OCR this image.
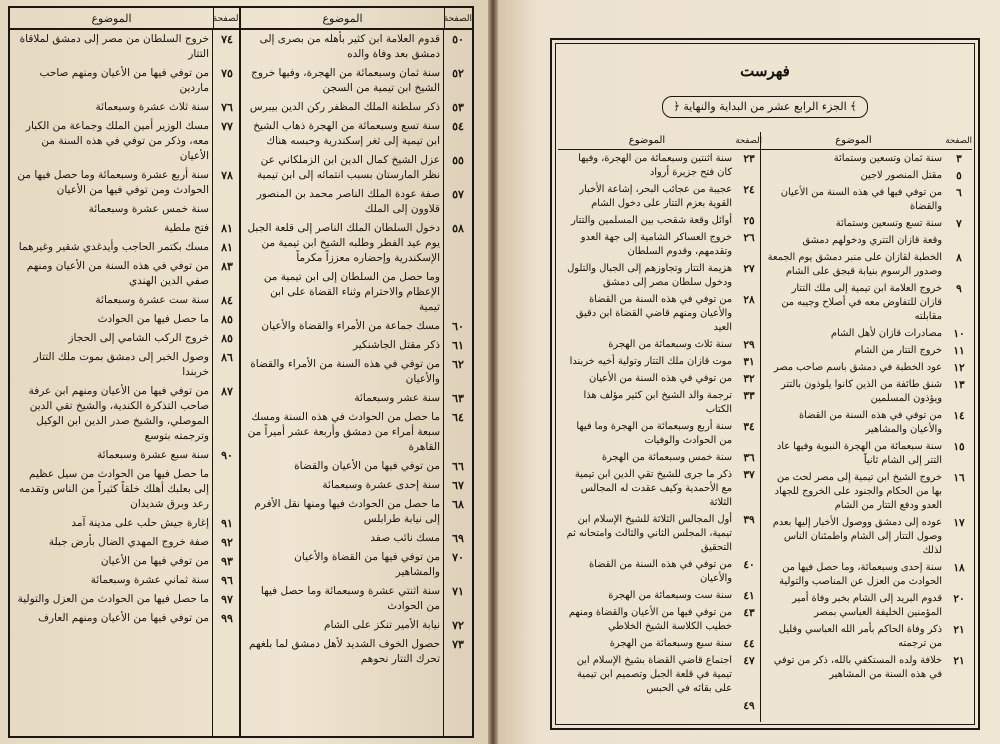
الصفحة
الموضوع
٥٠
قدوم العلامة ابن كثير بأهله من بصرى إلى دمشق بعد وفاة والده
٥٢
سنة ثمان وسبعمائة من الهجرة، وفيها خروج الشيخ ابن تيمية من السجن
٥٣
ذكر سلطنة الملك المظفر ركن الدين بيبرس
٥٤
سنة تسع وسبعمائة من الهجرة ذهاب الشيخ ابن تيمية إلى ثغر إسكندرية وحبسه هناك
٥٥
عزل الشيخ كمال الدين ابن الزملكاني عن نظر المارستان بسبب انتمائه إلى ابن تيمية
٥٧
صفة عودة الملك الناصر محمد بن المنصور قلاوون إلى الملك
٥٨
دخول السلطان الملك الناصر إلى قلعة الجبل يوم عيد الفطر وطلبه الشيخ ابن تيمية من الإسكندرية وإحضاره معززاً مكرماً
وما حصل من السلطان إلى ابن تيمية من الإعظام والاحترام وثناء القضاة على ابن تيمية
٦٠
مسك جماعة من الأمراء والقضاة والأعيان
٦١
ذكر مقتل الجاشنكير
٦٢
من توفي في هذه السنة من الأمراء والقضاة والأعيان
٦٣
سنة عشر وسبعمائة
٦٤
ما حصل من الحوادث في هذه السنة ومسك سبعة أمراء من دمشق وأربعة عشر أميراً من القاهرة
٦٦
من توفي فيها من الأعيان والقضاة
٦٧
سنة إحدى عشرة وسبعمائة
٦٨
ما حصل من الحوادث فيها ومنها نقل الأفرم إلى نيابة طرابلس
٦٩
مسك نائب صفد
٧٠
من توفي فيها من القضاة والأعيان والمشاهير
٧١
سنة اثنتي عشرة وسبعمائة وما حصل فيها من الحوادث
٧٢
نيابة الأمير تنكز على الشام
٧٣
حصول الخوف الشديد لأهل دمشق لما بلغهم تحرك التتار نحوهم
الصفحة
الموضوع
٧٤
خروج السلطان من مصر إلى دمشق لملاقاة التتار
٧٥
من توفي فيها من الأعيان ومنهم صاحب ماردين
٧٦
سنة ثلاث عشرة وسبعمائة
٧٧
مسك الوزير أمين الملك وجماعة من الكبار معه، وذكر من توفي في هذه السنة من الأعيان
٧٨
سنة أربع عشرة وسبعمائة وما حصل فيها من الحوادث ومن توفي فيها من الأعيان
سنة خمس عشرة وسبعمائة
٨١
فتح ملطية
٨١
مسك بكتمر الحاجب وأيدغدي شقير وغيرهما
٨٣
من توفي في هذه السنة من الأعيان ومنهم صفي الدين الهندي
٨٤
سنة ست عشرة وسبعمائة
٨٥
ما حصل فيها من الحوادث
٨٥
خروج الركب الشامي إلى الحجاز
٨٦
وصول الخبر إلى دمشق بموت ملك التتار خربندا
٨٧
من توفي فيها من الأعيان ومنهم ابن عرفة صاحب التذكرة الكندية، والشيخ تقي الدين الموصلي، والشيخ صدر الدين ابن الوكيل وترجمته بتوسع
٩٠
سنة سبع عشرة وسبعمائة
ما حصل فيها من الحوادث من سيل عظيم إلى بعلبك أهلك خلقاً كثيراً من الناس وتقدمه رعد وبرق شديدان
٩١
إغارة جيش حلب على مدينة آمد
٩٢
صفة خروج المهدي الضال بأرض جبلة
٩٣
من توفي فيها من الأعيان
٩٦
سنة ثماني عشرة وسبعمائة
٩٧
ما حصل فيها من الحوادث من العزل والتولية
٩٩
من توفي فيها من الأعيان ومنهم العارف
فهرست
﴿ الجزء الرابع عشر من البداية والنهاية ﴾
الصفحة
الموضوع
٣
سنة ثمان وتسعين وستمائة
٥
مقتل المنصور لاجين
٦
من توفي فيها في هذه السنة من الأعيان والقضاة
٧
سنة تسع وتسعين وستمائة
وقعة قازان التتري ودخولهم دمشق
٨
الخطبة لقازان على منبر دمشق يوم الجمعة وصدور الرسوم بنيابة قبجق على الشام
٩
خروج العلامة ابن تيمية إلى ملك التتار قازان للتفاوض معه في أصلاح وجيبه من مقابلته
١٠
مصادرات قازان لأهل الشام
١١
خروج التتار من الشام
١٢
عود الخطبة في دمشق باسم صاحب مصر
١٣
شنق طائفة من الذين كانوا يلوذون بالتتر ويؤذون المسلمين
١٤
من توفي في هذه السنة من القضاة والأعيان والمشاهير
١٥
سنة سبعمائة من الهجرة النبوية وفيها عاد التتر إلى الشام ثانياً
١٦
خروج الشيخ ابن تيمية إلى مصر لحث من بها من الحكام والجنود على الخروج للجهاد العدو ودفع التتار من الشام
١٧
عوده إلى دمشق ووصول الأخبار إليها بعدم وصول التتار إلى الشام واطمئنان الناس لذلك
١٨
سنة إحدى وسبعمائة، وما حصل فيها من الحوادث من العزل عن المناصب والتولية
٢٠
قدوم البريد إلى الشام بخبر وفاة أمير المؤمنين الخليفة العباسي بمصر
٢١
ذكر وفاة الحاكم بأمر الله العباسي وقليل من ترجمته
٢١
خلافة ولده المستكفي بالله، ذكر من توفي في هذه السنة من المشاهير
الصفحة
الموضوع
٢٣
سنة اثنتين وسبعمائة من الهجرة، وفيها كان فتح جزيرة أرواد
٢٤
عجيبة من عجائب البحر، إشاعة الأخبار القوية بعزم التتار على دخول الشام
٢٥
أوائل وقعة شقحب بين المسلمين والتتار
٢٦
خروج العساكر الشامية إلى جهة العدو وتقدمهم، وقدوم السلطان
٢٧
هزيمة التتار وتجاوزهم إلى الجبال والتلول ودخول سلطان مصر إلى دمشق
٢٨
من توفي في هذه السنة من القضاة والأعيان ومنهم قاضي القضاة ابن دقيق العيد
٢٩
سنة ثلاث وسبعمائة من الهجرة
٣١
موت قازان ملك التتار وتولية أخيه خربندا
٣٢
من توفي في هذه السنة من الأعيان
٣٣
ترجمة والد الشيخ ابن كثير مؤلف هذا الكتاب
٣٤
سنة أربع وسبعمائة من الهجرة وما فيها من الحوادث والوفيات
٣٦
سنة خمس وسبعمائة من الهجرة
٣٧
ذكر ما جرى للشيخ تقي الدين ابن تيمية مع الأحمدية وكيف عقدت له المجالس الثلاثة
٣٩
أول المجالس الثلاثة للشيخ الإسلام ابن تيمية، المجلس الثاني والثالث وامتحانه ثم التحقيق
٤٠
من توفي في هذه السنة من القضاة والأعيان
٤١
سنة ست وسبعمائة من الهجرة
٤٣
من توفي فيها من الأعيان والقضاة ومنهم خطيب الكلاسة الشيخ الخلاطي
٤٤
سنة سبع وسبعمائة من الهجرة
٤٧
اجتماع قاضي القضاة بشيخ الإسلام ابن تيمية في قلعة الجبل وتصميم ابن تيمية على بقائه في الحبس
٤٩
